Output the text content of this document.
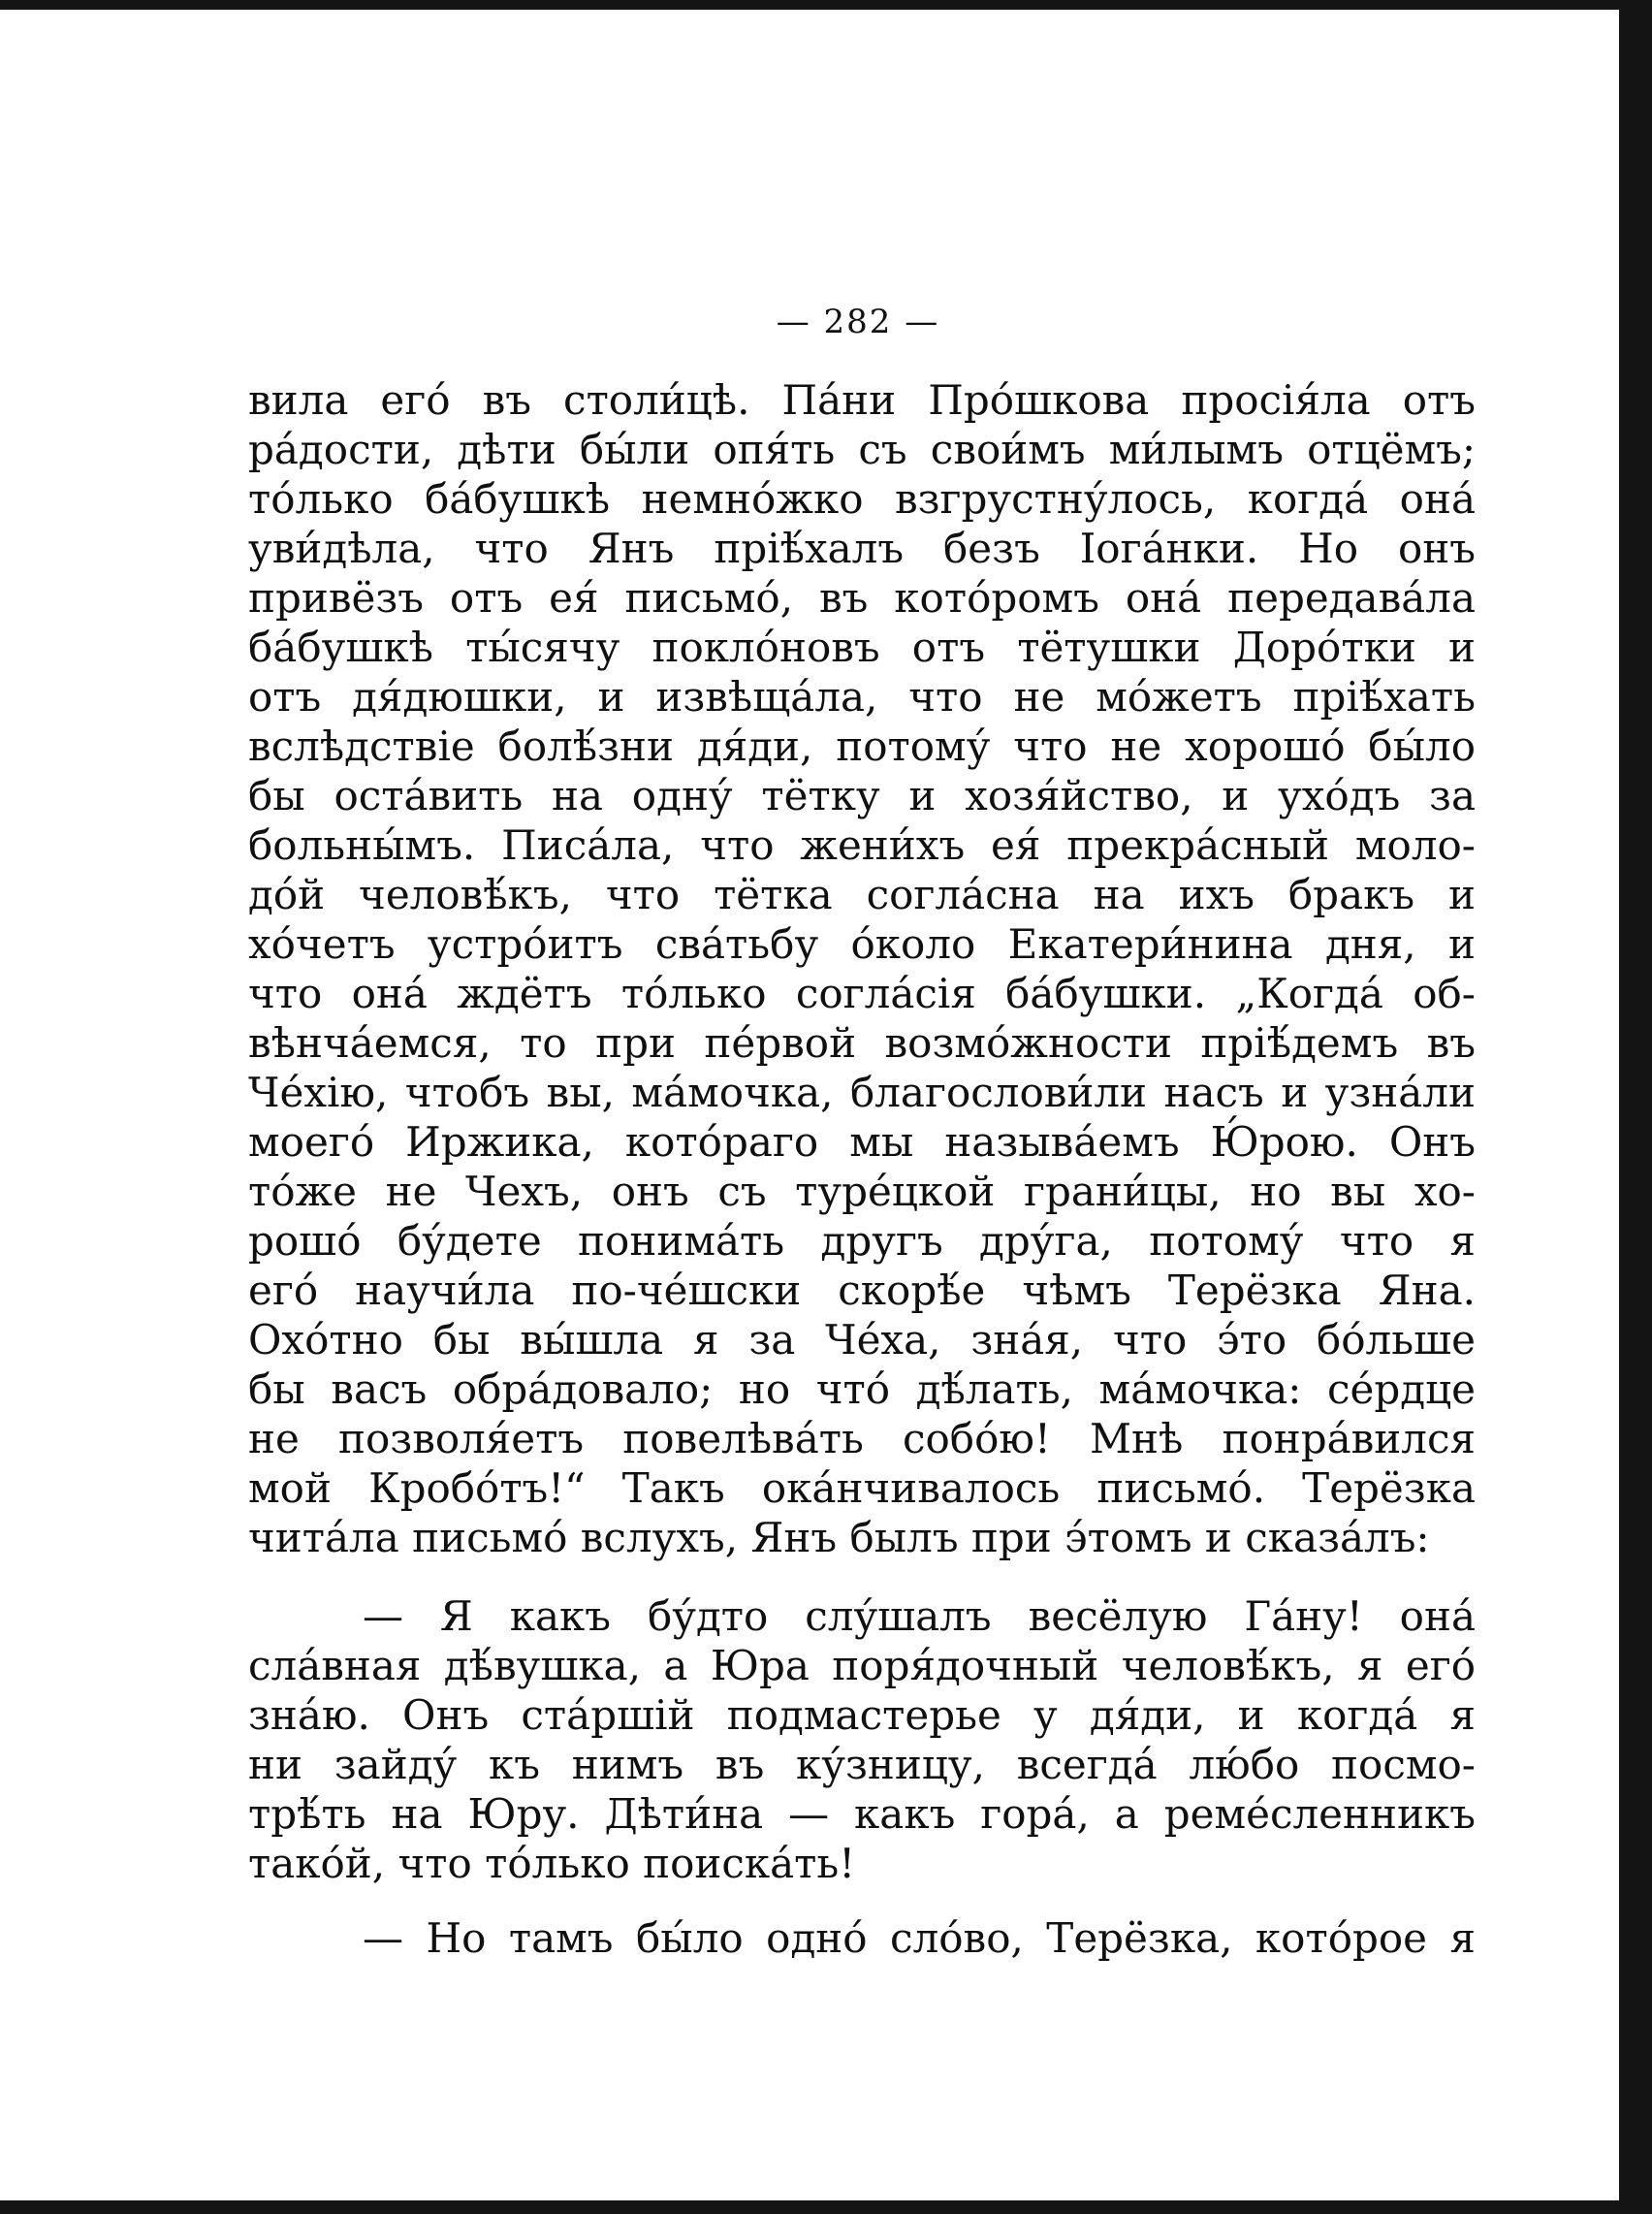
— 282 —
вила его́ въ столи́цѣ. Па́ни Про́шкова просія́ла отъ
ра́дости, дѣти бы́ли опя́ть съ свои́мъ ми́лымъ отцёмъ;
то́лько ба́бушкѣ немно́жко взгрустну́лось, когда́ она́
уви́дѣла, что Янъ пріѣ́халъ безъ Іога́нки. Но онъ
привёзъ отъ ея́ письмо́, въ кото́ромъ она́ передава́ла
ба́бушкѣ ты́сячу покло́новъ отъ тётушки Доро́тки и
отъ дя́дюшки, и извѣща́ла, что не мо́жетъ пріѣ́хать
вслѣдствіе болѣ́зни дя́ди, потому́ что не хорошо́ бы́ло
бы оста́вить на одну́ тётку и хозя́йство, и ухо́дъ за
больны́мъ. Писа́ла, что жени́хъ ея́ прекра́сный моло-
до́й человѣ́къ, что тётка согла́сна на ихъ бракъ и
хо́четъ устро́итъ сва́тьбу о́коло Екатери́нина дня, и
что она́ ждётъ то́лько согла́сія ба́бушки. „Когда́ об-
вѣнча́емся, то при пе́рвой возмо́жности пріѣ́демъ въ
Че́хію, чтобъ вы, ма́мочка, благослови́ли насъ и узна́ли
моего́ Иржика, кото́раго мы называ́емъ Ю́рою. Онъ
то́же не Чехъ, онъ съ туре́цкой грани́цы, но вы хо-
рошо́ бу́дете понима́ть другъ дру́га, потому́ что я
его́ научи́ла по-че́шски скорѣ́е чѣмъ Терёзка Яна.
Охо́тно бы вы́шла я за Че́ха, зна́я, что э́то бо́льше
бы васъ обра́довало; но что́ дѣ́лать, ма́мочка: се́рдце
не позволя́етъ повелѣва́ть собо́ю! Мнѣ понра́вился
мой Кробо́тъ!“ Такъ ока́нчивалось письмо́. Терёзка
чита́ла письмо́ вслухъ, Янъ былъ при э́томъ и сказа́лъ:
— Я какъ бу́дто слу́шалъ весёлую Га́ну! она́
сла́вная дѣ́вушка, а Юра поря́дочный человѣ́къ, я его́
зна́ю. Онъ ста́ршій подмастерье у дя́ди, и когда́ я
ни зайду́ къ нимъ въ ку́зницу, всегда́ лю́бо посмо-
трѣ́ть на Юру. Дѣти́на — какъ гора́, а реме́сленникъ
тако́й, что то́лько поиска́ть!
— Но тамъ бы́ло одно́ сло́во, Терёзка, кото́рое я
